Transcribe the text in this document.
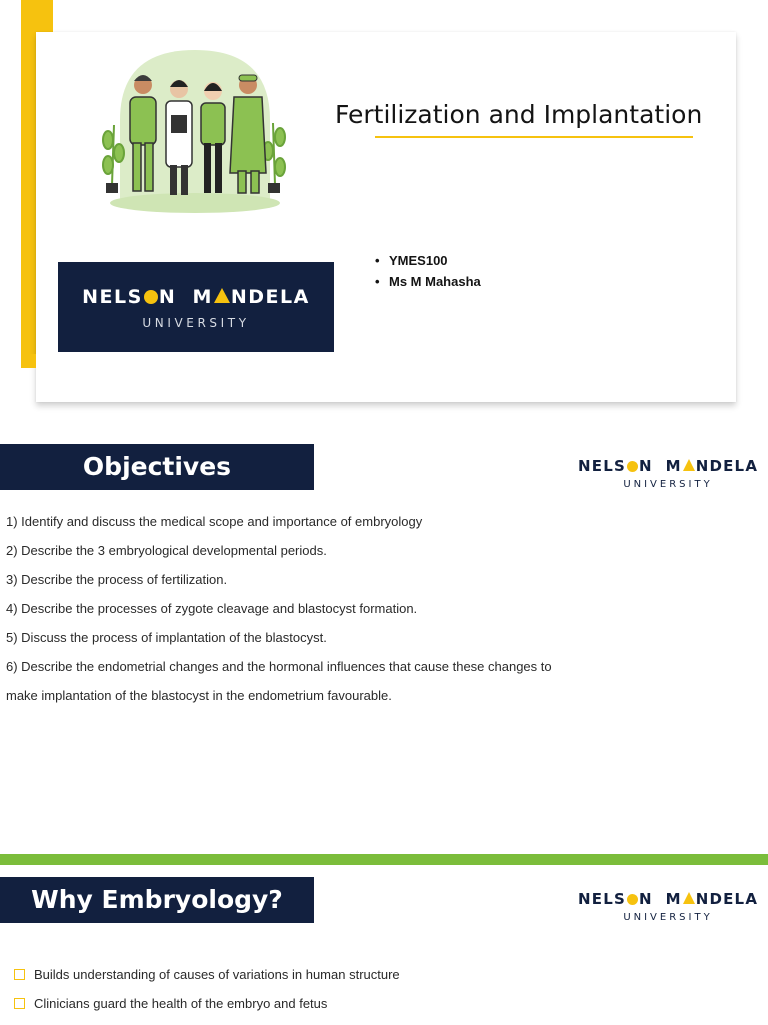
Fertilization and Implantation
NELS N  M NDELA
UNIVERSITY
• YMES100
• Ms M Mahasha
Objectives	NELS N  M NDELA
UNIVERSITY
1) Identify and discuss the medical scope and importance of embryology
2) Describe the 3 embryological developmental periods.
3) Describe the process of fertilization.
4) Describe the processes of zygote cleavage and blastocyst formation.
5) Discuss the process of implantation of the blastocyst.
6) Describe the endometrial changes and the hormonal influences that cause these changes to
make implantation of the blastocyst in the endometrium favourable.
Why Embryology?	NELS N  M NDELA
UNIVERSITY
Builds understanding of causes of variations in human structure
Clinicians guard the health of the embryo and fetus
